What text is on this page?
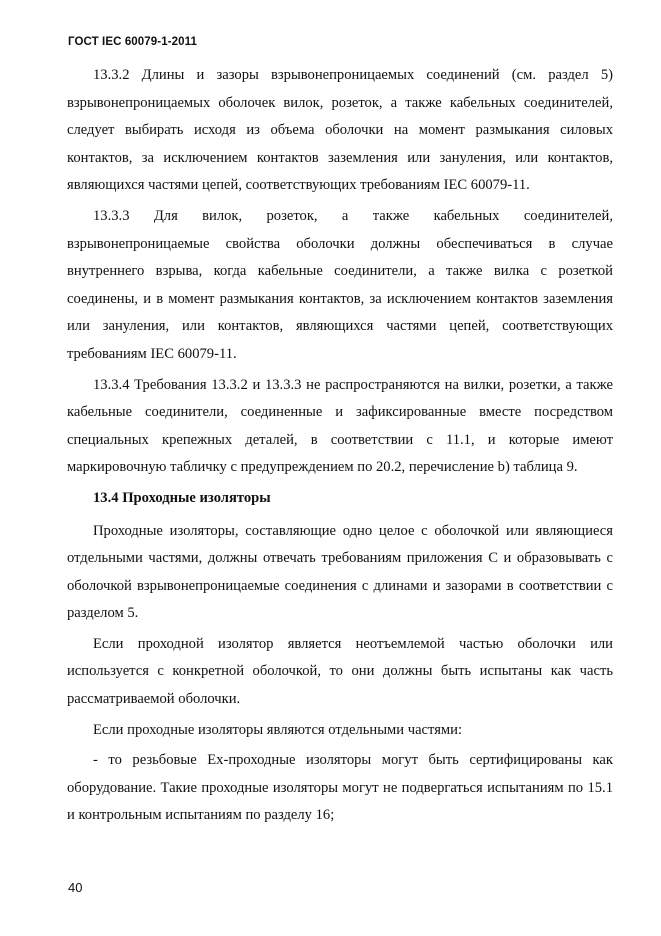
ГОСТ IEC 60079-1-2011

13.3.2 Длины и зазоры взрывонепроницаемых соединений (см. раздел 5) взрывонепроницаемых оболочек вилок, розеток, а также кабельных соединителей, следует выбирать исходя из объема оболочки на момент размыкания силовых контактов, за исключением контактов заземления или зануления, или контактов, являющихся частями цепей, соответствующих требованиям IEC 60079-11.

13.3.3 Для вилок, розеток, а также кабельных соединителей, взрывонепроницаемые свойства оболочки должны обеспечиваться в случае внутреннего взрыва, когда кабельные соединители, а также вилка с розеткой соединены, и в момент размыкания контактов, за исключением контактов заземления или зануления, или контактов, являющихся частями цепей, соответствующих требованиям IEC 60079-11.

13.3.4 Требования 13.3.2 и 13.3.3 не распространяются на вилки, розетки, а также кабельные соединители, соединенные и зафиксированные вместе посредством специальных крепежных деталей, в соответствии с 11.1, и которые имеют маркировочную табличку с предупреждением по 20.2, перечисление b) таблица 9.

13.4 Проходные изоляторы

Проходные изоляторы, составляющие одно целое с оболочкой или являющиеся отдельными частями, должны отвечать требованиям приложения С и образовывать с оболочкой взрывонепроницаемые соединения с длинами и зазорами в соответствии с разделом 5.

Если проходной изолятор является неотъемлемой частью оболочки или используется с конкретной оболочкой, то они должны быть испытаны как часть рассматриваемой оболочки.

Если проходные изоляторы являются отдельными частями:

- то резьбовые Ех-проходные изоляторы могут быть сертифицированы как оборудование. Такие проходные изоляторы могут не подвергаться испытаниям по 15.1 и контрольным испытаниям по разделу 16;

40
